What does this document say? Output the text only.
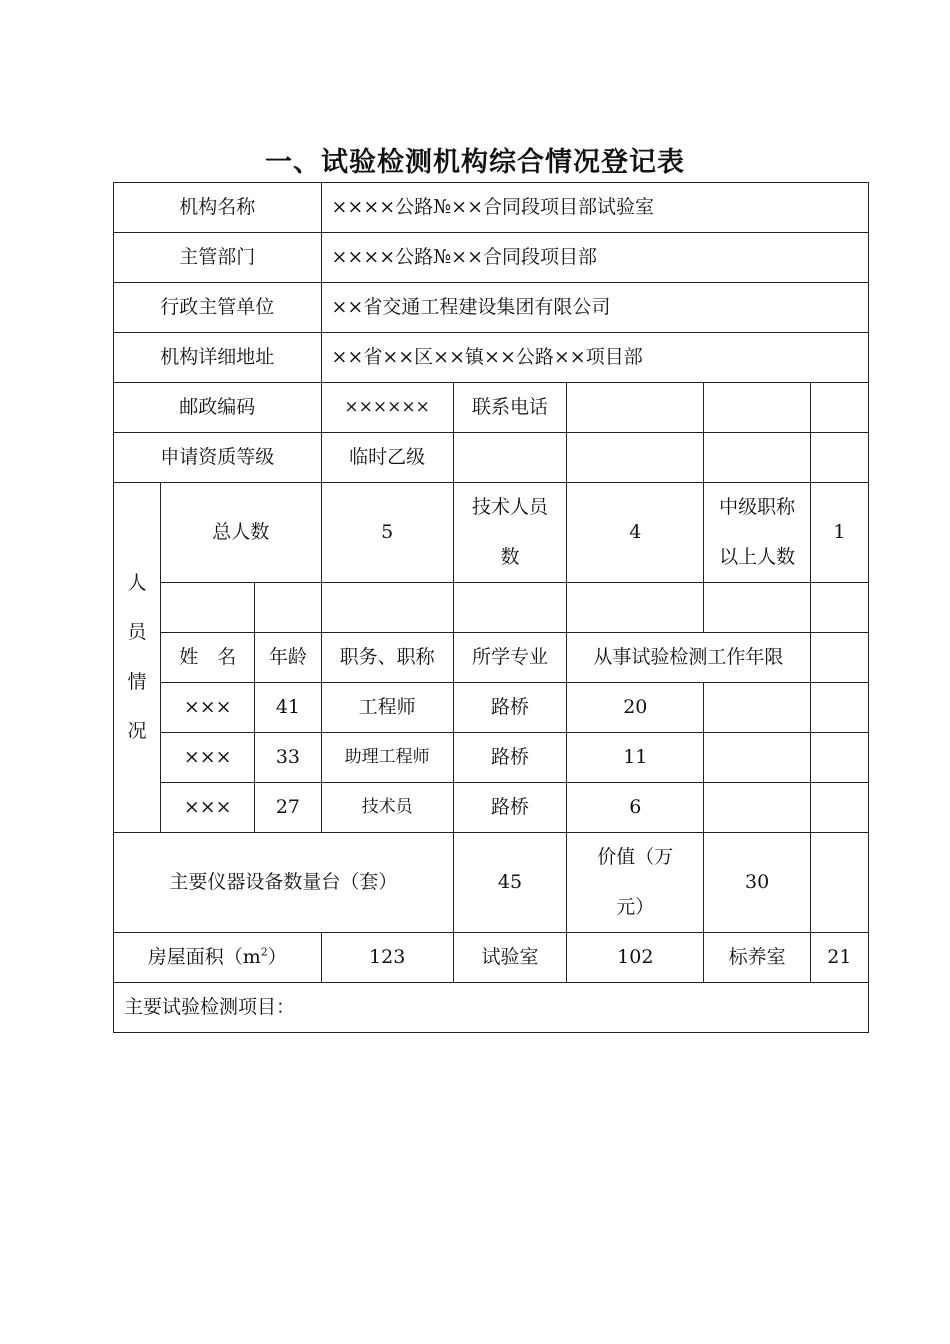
一、试验检测机构综合情况登记表
机构名称			××××公路№××合同段项目部试验室				
主管部门			××××公路№××合同段项目部				
行政主管单位			××省交通工程建设集团有限公司				
机构详细地址			××省××区××镇××公路××项目部				
邮政编码			××××××	联系电话			
申请资质等级			临时乙级				
人员情况	总人数		5	技术人员数	4	中级职称以上人数	1

	姓　名	年龄	职务、职称	所学专业	从事试验检测工作年限		
	×××	41	工程师	路桥	20		
	×××	33	助理工程师	路桥	11		
	×××	27	技术员	路桥	6		
主要仪器设备数量台（套）				45	价值（万元）	30	
房屋面积$(m^2)$			123	试验室	102	标养室	21
主要试验检测项目：							
